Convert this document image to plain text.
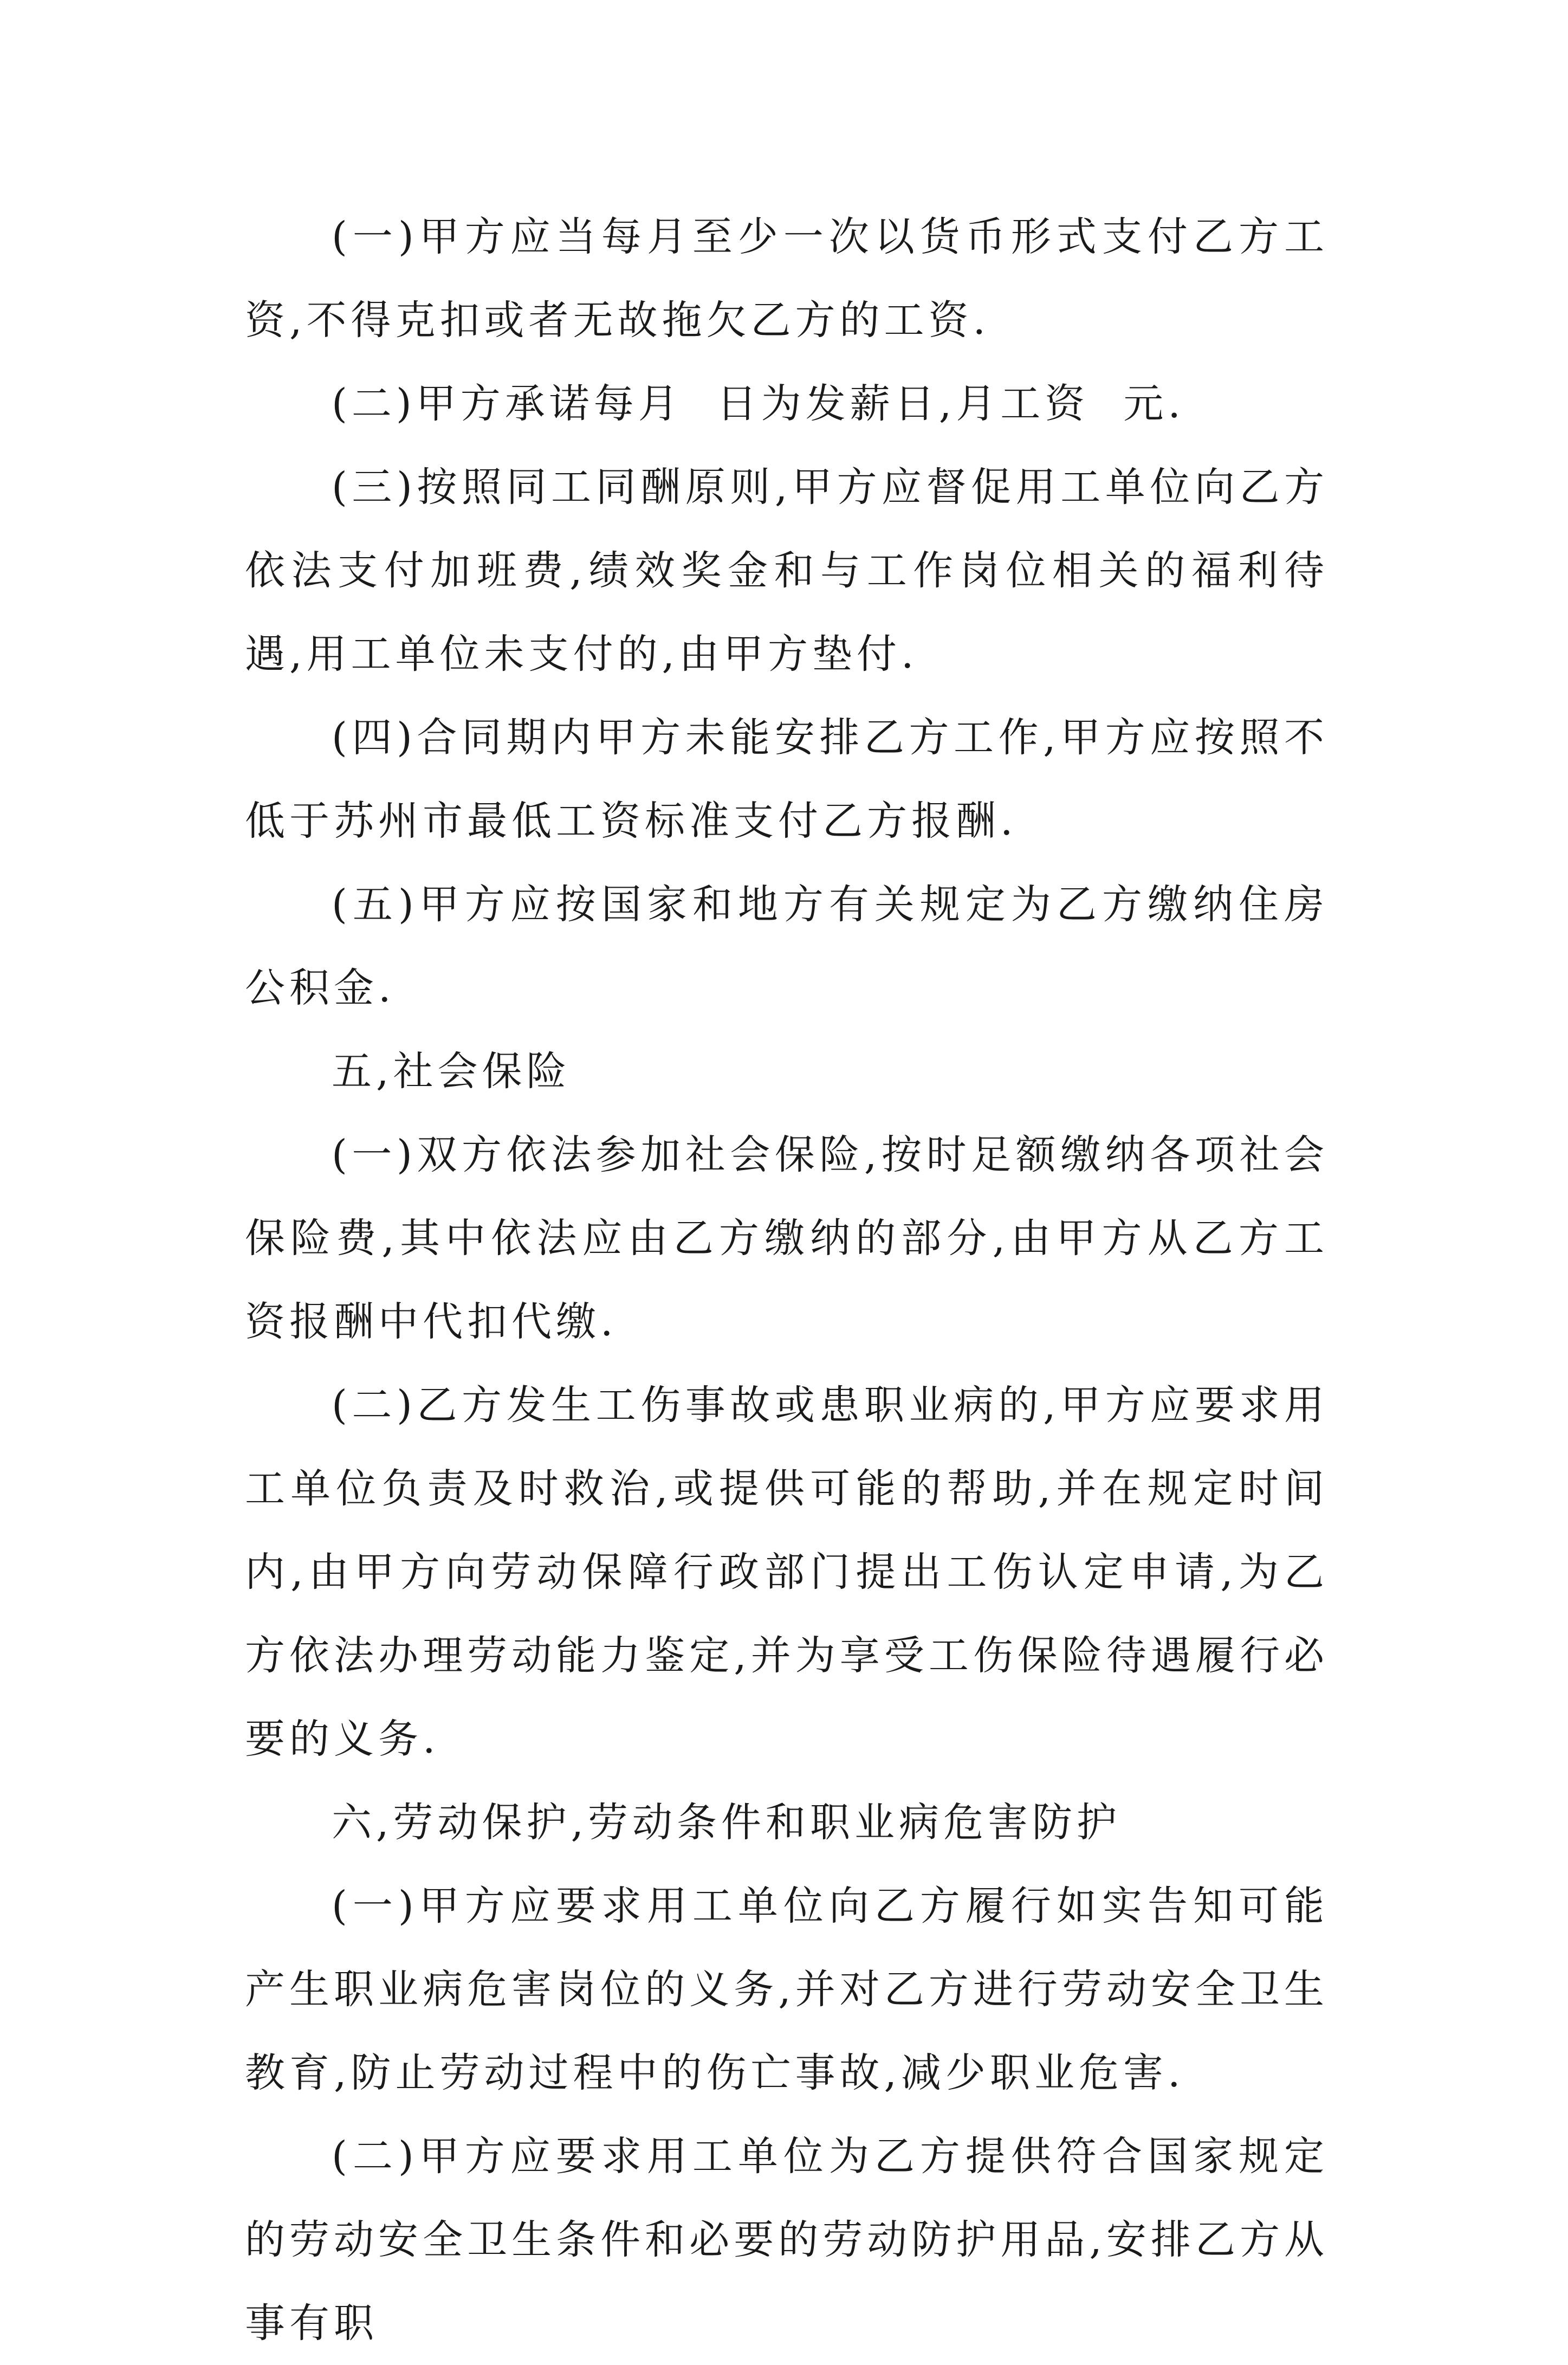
(一)甲方应当每月至少一次以货币形式支付乙方工资,不得克扣或者无故拖欠乙方的工资.

(二)甲方承诺每月  日为发薪日,月工资  元.

(三)按照同工同酬原则,甲方应督促用工单位向乙方依法支付加班费,绩效奖金和与工作岗位相关的福利待遇,用工单位未支付的,由甲方垫付.

(四)合同期内甲方未能安排乙方工作,甲方应按照不低于苏州市最低工资标准支付乙方报酬.

(五)甲方应按国家和地方有关规定为乙方缴纳住房公积金.

五,社会保险

(一)双方依法参加社会保险,按时足额缴纳各项社会保险费,其中依法应由乙方缴纳的部分,由甲方从乙方工资报酬中代扣代缴.

(二)乙方发生工伤事故或患职业病的,甲方应要求用工单位负责及时救治,或提供可能的帮助,并在规定时间内,由甲方向劳动保障行政部门提出工伤认定申请,为乙方依法办理劳动能力鉴定,并为享受工伤保险待遇履行必要的义务.

六,劳动保护,劳动条件和职业病危害防护

(一)甲方应要求用工单位向乙方履行如实告知可能产生职业病危害岗位的义务,并对乙方进行劳动安全卫生教育,防止劳动过程中的伤亡事故,减少职业危害.

(二)甲方应要求用工单位为乙方提供符合国家规定的劳动安全卫生条件和必要的劳动防护用品,安排乙方从事有职
